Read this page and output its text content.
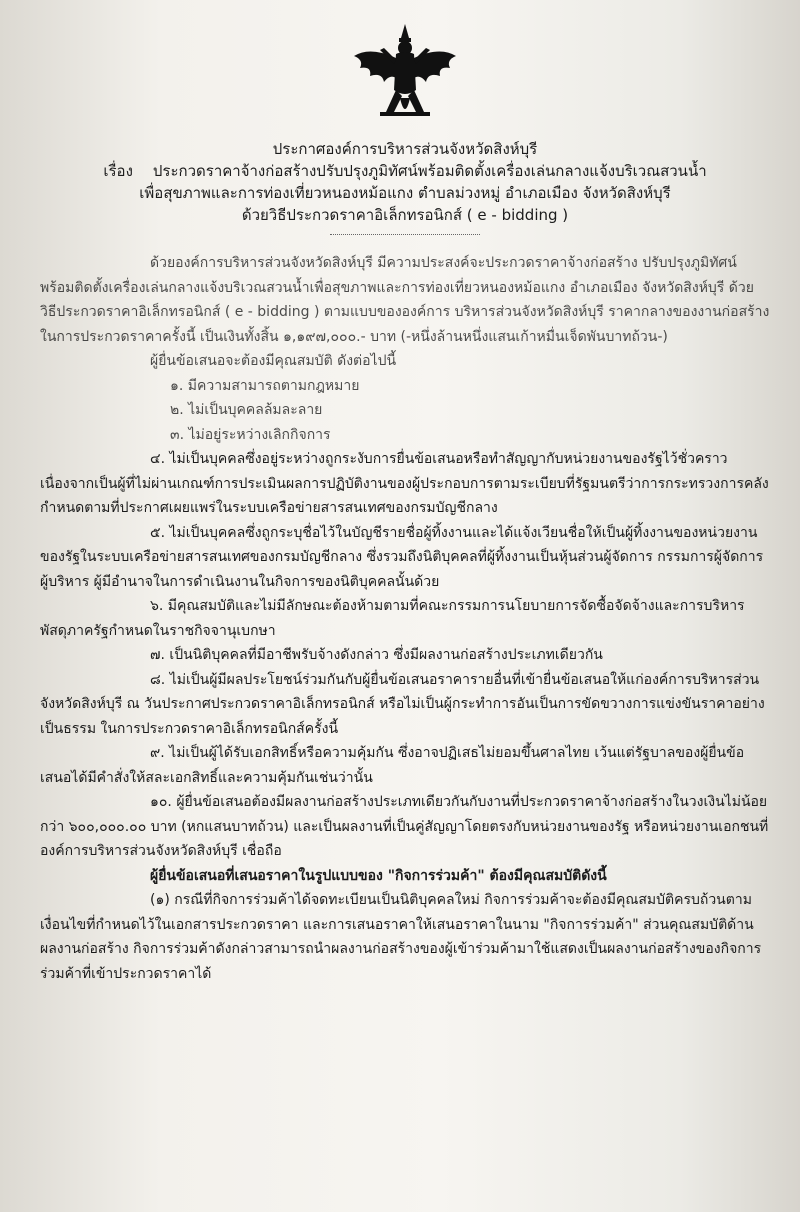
ประกาศองค์การบริหารส่วนจังหวัดสิงห์บุรี
เรื่อง ประกวดราคาจ้างก่อสร้างปรับปรุงภูมิทัศน์พร้อมติดตั้งเครื่องเล่นกลางแจ้งบริเวณสวนน้ำ
เพื่อสุขภาพและการท่องเที่ยวหนองหม้อแกง ตำบลม่วงหมู่ อำเภอเมือง จังหวัดสิงห์บุรี
ด้วยวิธีประกวดราคาอิเล็กทรอนิกส์ ( e - bidding )

ด้วยองค์การบริหารส่วนจังหวัดสิงห์บุรี มีความประสงค์จะประกวดราคาจ้างก่อสร้าง ปรับปรุงภูมิทัศน์พร้อมติดตั้งเครื่องเล่นกลางแจ้งบริเวณสวนน้ำเพื่อสุขภาพและการท่องเที่ยวหนองหม้อแกง อำเภอเมือง จังหวัดสิงห์บุรี ด้วยวิธีประกวดราคาอิเล็กทรอนิกส์ ( e - bidding ) ตามแบบขององค์การ บริหารส่วนจังหวัดสิงห์บุรี ราคากลางของงานก่อสร้างในการประกวดราคาครั้งนี้ เป็นเงินทั้งสิ้น ๑,๑๙๗,๐๐๐.- บาท (-หนึ่งล้านหนึ่งแสนเก้าหมื่นเจ็ดพันบาทถ้วน-)

ผู้ยื่นข้อเสนอจะต้องมีคุณสมบัติ ดังต่อไปนี้

๑. มีความสามารถตามกฎหมาย

๒. ไม่เป็นบุคคลล้มละลาย

๓. ไม่อยู่ระหว่างเลิกกิจการ

๔. ไม่เป็นบุคคลซึ่งอยู่ระหว่างถูกระงับการยื่นข้อเสนอหรือทำสัญญากับหน่วยงานของรัฐไว้ชั่วคราวเนื่องจากเป็นผู้ที่ไม่ผ่านเกณฑ์การประเมินผลการปฏิบัติงานของผู้ประกอบการตามระเบียบที่รัฐมนตรีว่าการกระทรวงการคลังกำหนดตามที่ประกาศเผยแพร่ในระบบเครือข่ายสารสนเทศของกรมบัญชีกลาง

๕. ไม่เป็นบุคคลซึ่งถูกระบุชื่อไว้ในบัญชีรายชื่อผู้ทิ้งงานและได้แจ้งเวียนชื่อให้เป็นผู้ทิ้งงานของหน่วยงานของรัฐในระบบเครือข่ายสารสนเทศของกรมบัญชีกลาง ซึ่งรวมถึงนิติบุคคลที่ผู้ทิ้งงานเป็นหุ้นส่วนผู้จัดการ กรรมการผู้จัดการ ผู้บริหาร ผู้มีอำนาจในการดำเนินงานในกิจการของนิติบุคคลนั้นด้วย

๖. มีคุณสมบัติและไม่มีลักษณะต้องห้ามตามที่คณะกรรมการนโยบายการจัดซื้อจัดจ้างและการบริหารพัสดุภาครัฐกำหนดในราชกิจจานุเบกษา

๗. เป็นนิติบุคคลที่มีอาชีพรับจ้างดังกล่าว ซึ่งมีผลงานก่อสร้างประเภทเดียวกัน

๘. ไม่เป็นผู้มีผลประโยชน์ร่วมกันกับผู้ยื่นข้อเสนอราคารายอื่นที่เข้ายื่นข้อเสนอให้แก่องค์การบริหารส่วนจังหวัดสิงห์บุรี ณ วันประกาศประกวดราคาอิเล็กทรอนิกส์ หรือไม่เป็นผู้กระทำการอันเป็นการขัดขวางการแข่งขันราคาอย่างเป็นธรรม ในการประกวดราคาอิเล็กทรอนิกส์ครั้งนี้

๙. ไม่เป็นผู้ได้รับเอกสิทธิ์หรือความคุ้มกัน ซึ่งอาจปฏิเสธไม่ยอมขึ้นศาลไทย เว้นแต่รัฐบาลของผู้ยื่นข้อเสนอได้มีคำสั่งให้สละเอกสิทธิ์และความคุ้มกันเช่นว่านั้น

๑๐. ผู้ยื่นข้อเสนอต้องมีผลงานก่อสร้างประเภทเดียวกันกับงานที่ประกวดราคาจ้างก่อสร้างในวงเงินไม่น้อยกว่า ๖๐๐,๐๐๐.๐๐ บาท (หกแสนบาทถ้วน) และเป็นผลงานที่เป็นคู่สัญญาโดยตรงกับหน่วยงานของรัฐ หรือหน่วยงานเอกชนที่องค์การบริหารส่วนจังหวัดสิงห์บุรี เชื่อถือ

ผู้ยื่นข้อเสนอที่เสนอราคาในรูปแบบของ "กิจการร่วมค้า" ต้องมีคุณสมบัติดังนี้

(๑) กรณีที่กิจการร่วมค้าได้จดทะเบียนเป็นนิติบุคคลใหม่ กิจการร่วมค้าจะต้องมีคุณสมบัติครบถ้วนตามเงื่อนไขที่กำหนดไว้ในเอกสารประกวดราคา และการเสนอราคาให้เสนอราคาในนาม "กิจการร่วมค้า" ส่วนคุณสมบัติด้านผลงานก่อสร้าง กิจการร่วมค้าดังกล่าวสามารถนำผลงานก่อสร้างของผู้เข้าร่วมค้ามาใช้แสดงเป็นผลงานก่อสร้างของกิจการร่วมค้าที่เข้าประกวดราคาได้
